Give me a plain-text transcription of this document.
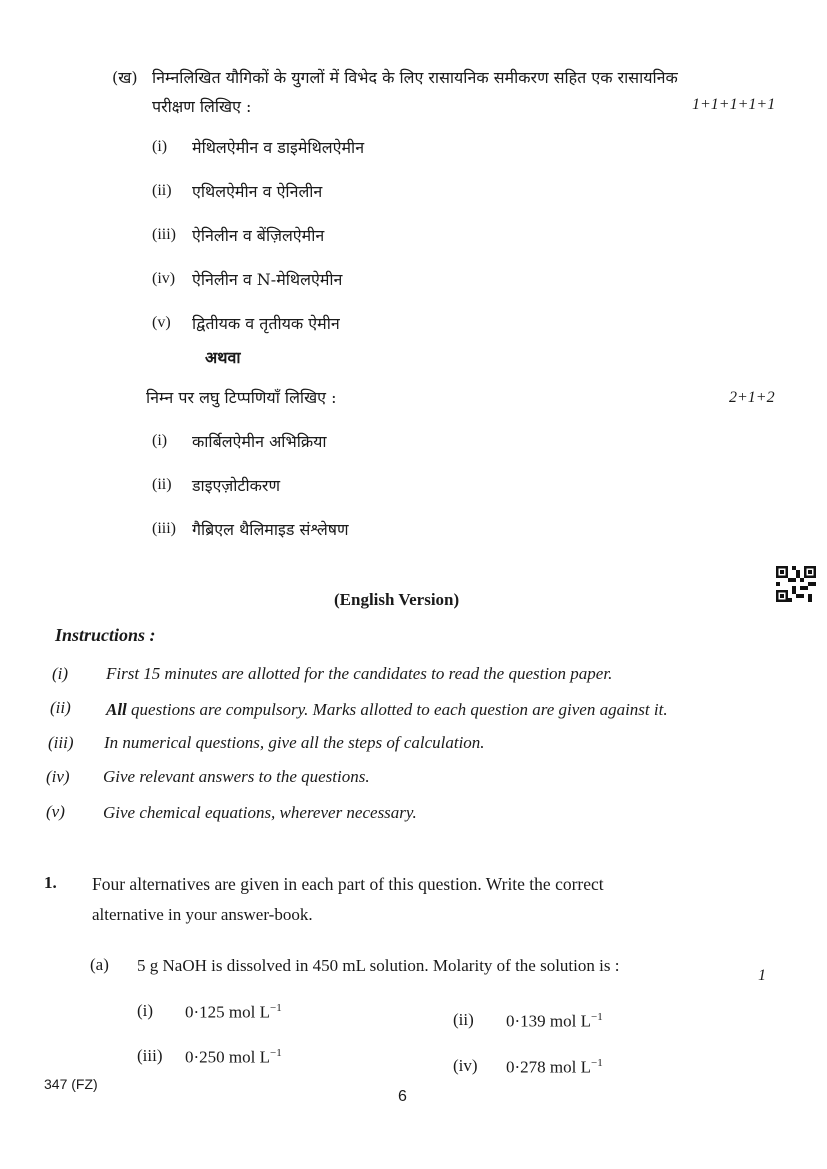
(ख) निम्नलिखित यौगिकों के युगलों में विभेद के लिए रासायनिक समीकरण सहित एक रासायनिक
परीक्षण लिखिए :	1+1+1+1+1
(i) मेथिलऐमीन व डाइमेथिलऐमीन
(ii) एथिलऐमीन व ऐनिलीन
(iii) ऐनिलीन व बेंज़िलऐमीन
(iv) ऐनिलीन व N-मेथिलऐमीन
(v) द्वितीयक व तृतीयक ऐमीन
अथवा
निम्न पर लघु टिप्पणियाँ लिखिए :	2+1+2
(i) कार्बिलऐमीन अभिक्रिया
(ii) डाइएज़ोटीकरण
(iii) गैब्रिएल थैलिमाइड संश्लेषण
(English Version)
Instructions :
(i) First 15 minutes are allotted for the candidates to read the question paper.
(ii) All questions are compulsory. Marks allotted to each question are given against it.
(iii) In numerical questions, give all the steps of calculation.
(iv) Give relevant answers to the questions.
(v) Give chemical equations, wherever necessary.
1. Four alternatives are given in each part of this question. Write the correct
alternative in your answer-book.
(a) 5 g NaOH is dissolved in 450 mL solution. Molarity of the solution is :
1
(i) 0·125 mol $L^{-1}$
(ii) 0·139 mol $L^{-1}$
(iii) 0·250 mol $L^{-1}$
(iv) 0·278 mol $L^{-1}$
347 (FZ)
6
